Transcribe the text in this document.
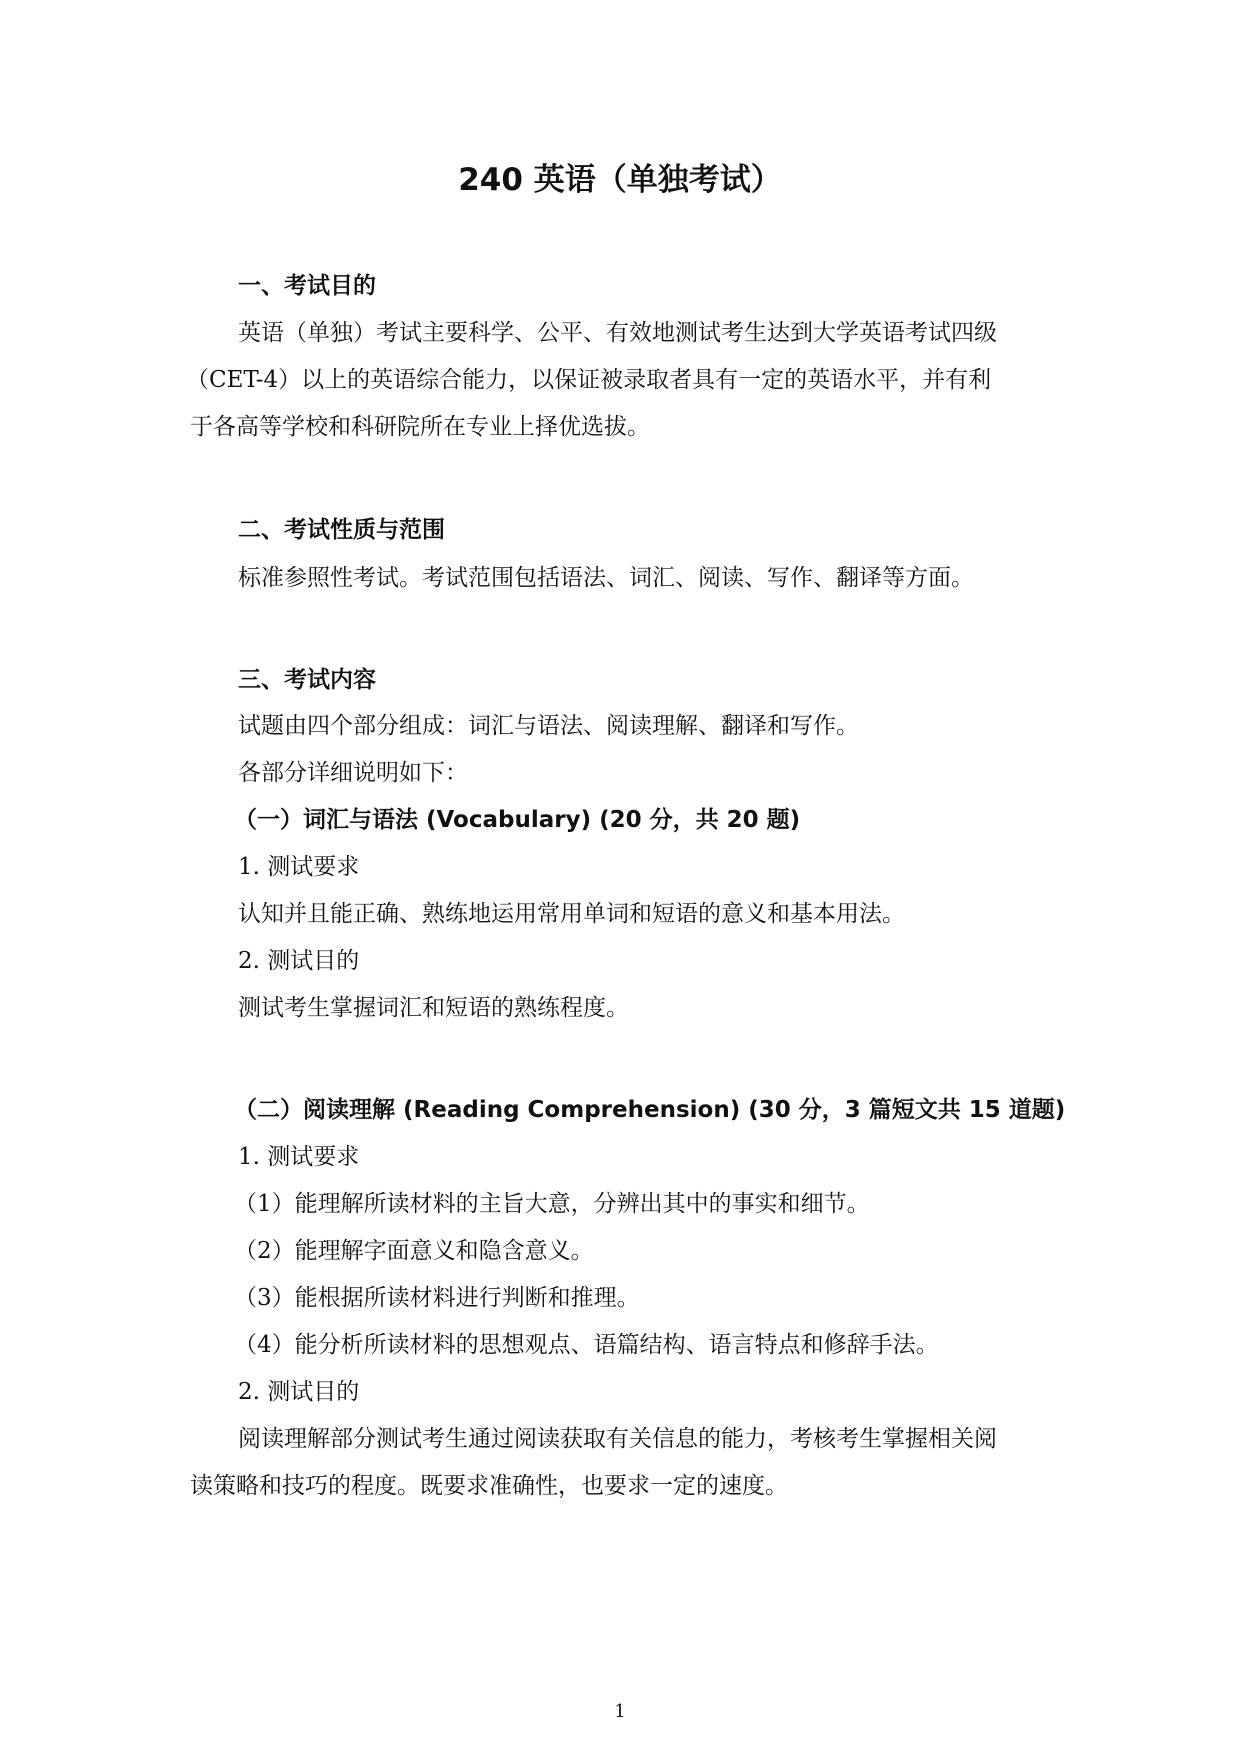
240 英语（单独考试）

一、考试目的

英语（单独）考试主要科学、公平、有效地测试考生达到大学英语考试四级

（CET-4）以上的英语综合能力，以保证被录取者具有一定的英语水平，并有利

于各高等学校和科研院所在专业上择优选拔。

二、考试性质与范围

标准参照性考试。考试范围包括语法、词汇、阅读、写作、翻译等方面。

三、考试内容

试题由四个部分组成：词汇与语法、阅读理解、翻译和写作。

各部分详细说明如下：

（一）词汇与语法 (Vocabulary) (20 分，共 20 题)

1. 测试要求

认知并且能正确、熟练地运用常用单词和短语的意义和基本用法。

2. 测试目的

测试考生掌握词汇和短语的熟练程度。

（二）阅读理解 (Reading Comprehension) (30 分，3 篇短文共 15 道题)

1. 测试要求

（1）能理解所读材料的主旨大意，分辨出其中的事实和细节。

（2）能理解字面意义和隐含意义。

（3）能根据所读材料进行判断和推理。

（4）能分析所读材料的思想观点、语篇结构、语言特点和修辞手法。

2. 测试目的

阅读理解部分测试考生通过阅读获取有关信息的能力，考核考生掌握相关阅

读策略和技巧的程度。既要求准确性，也要求一定的速度。

1
